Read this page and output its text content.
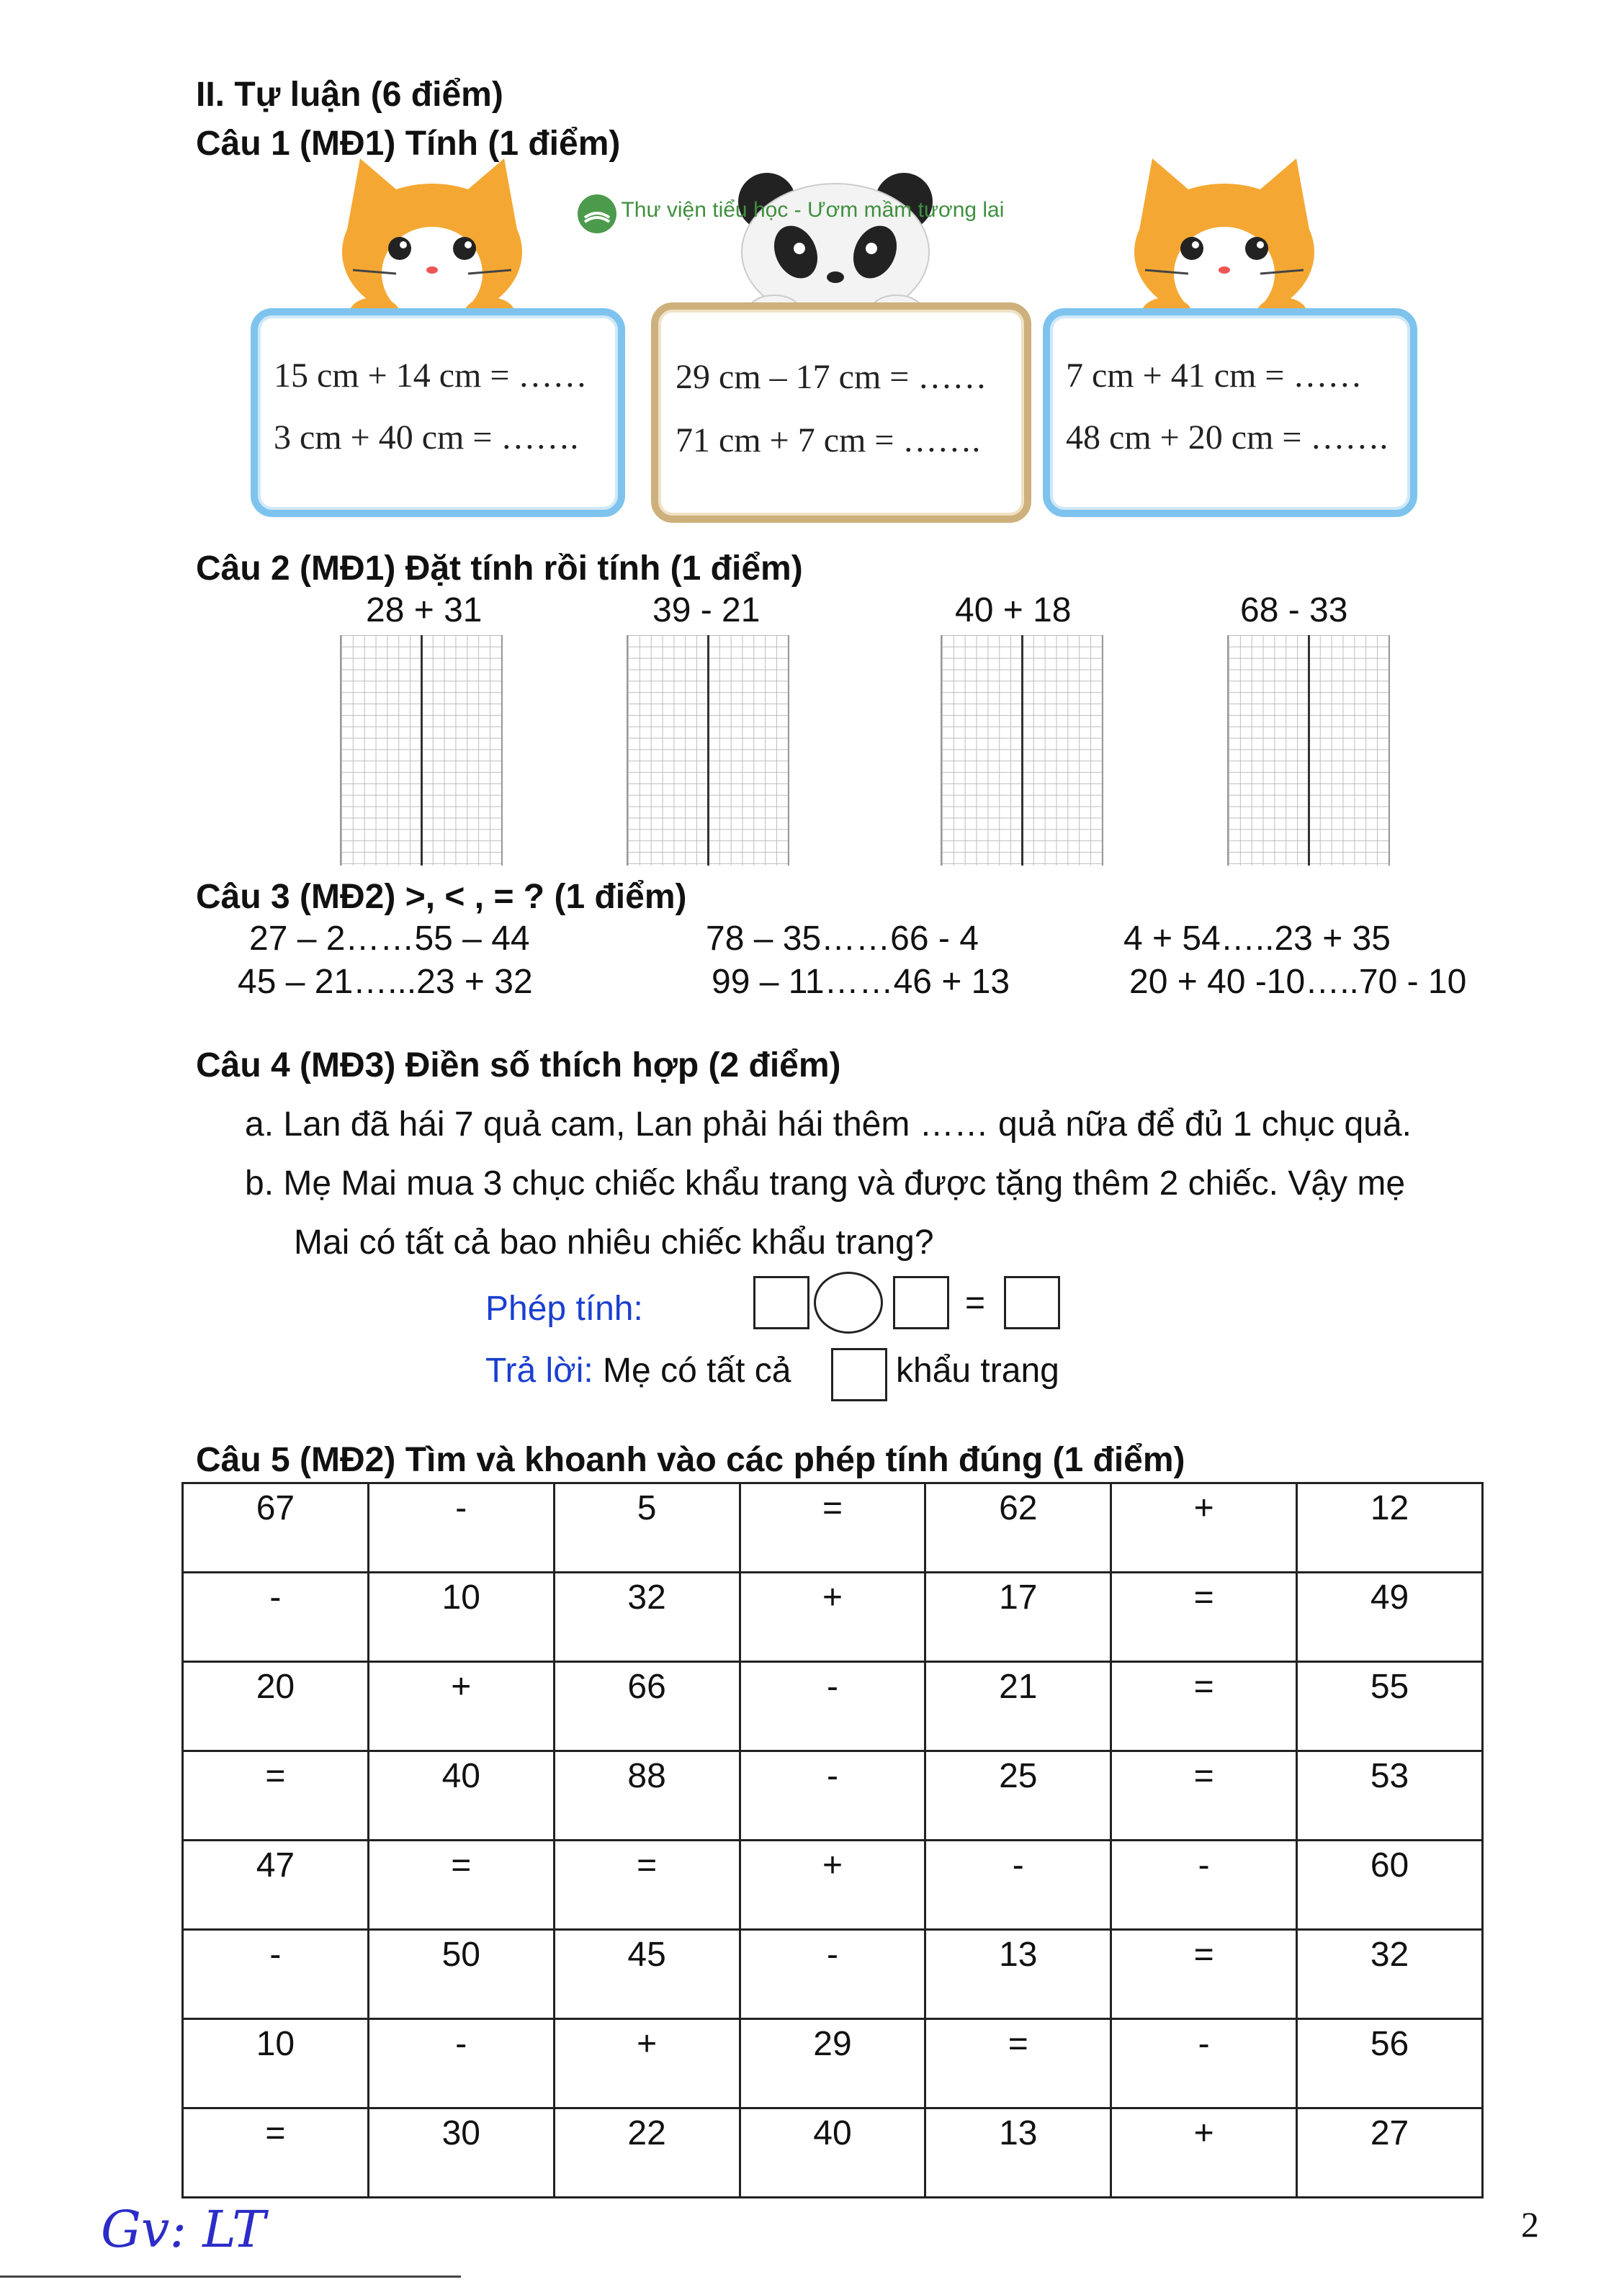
II. Tự luận (6 điểm)
Câu 1 (MĐ1) Tính (1 điểm)
Thư viện tiểu học - Ươm mầm tương lai
15 cm + 14 cm = ……
3 cm + 40 cm = …….
29 cm – 17 cm = ……
71 cm + 7 cm = …….
7 cm + 41 cm = ……
48 cm + 20 cm = …….
Câu 2 (MĐ1) Đặt tính rồi tính (1 điểm)
28 + 31	39 - 21	40 + 18	68 - 33
Câu 3 (MĐ2) >, < , = ? (1 điểm)
27 – 2……55 – 44	78 – 35……66 - 4	4 + 54…..23 + 35
45 – 21…...23 + 32	99 – 11……46 + 13	20 + 40 -10…..70 - 10
Câu 4 (MĐ3) Điền số thích hợp (2 điểm)
a. Lan đã hái 7 quả cam, Lan phải hái thêm …… quả nữa để đủ 1 chục quả.
b. Mẹ Mai mua 3 chục chiếc khẩu trang và được tặng thêm 2 chiếc. Vậy mẹ
Mai có tất cả bao nhiêu chiếc khẩu trang?
Phép tính:	=
Trả lời: Mẹ có tất cả	khẩu trang
Câu 5 (MĐ2) Tìm và khoanh vào các phép tính đúng (1 điểm)
67	-	5	=	62	+	12
-	10	32	+	17	=	49
20	+	66	-	21	=	55
=	40	88	-	25	=	53
47	=	=	+	-	-	60
-	50	45	-	13	=	32
10	-	+	29	=	-	56
=	30	22	40	13	+	27
Gv: LT	2
